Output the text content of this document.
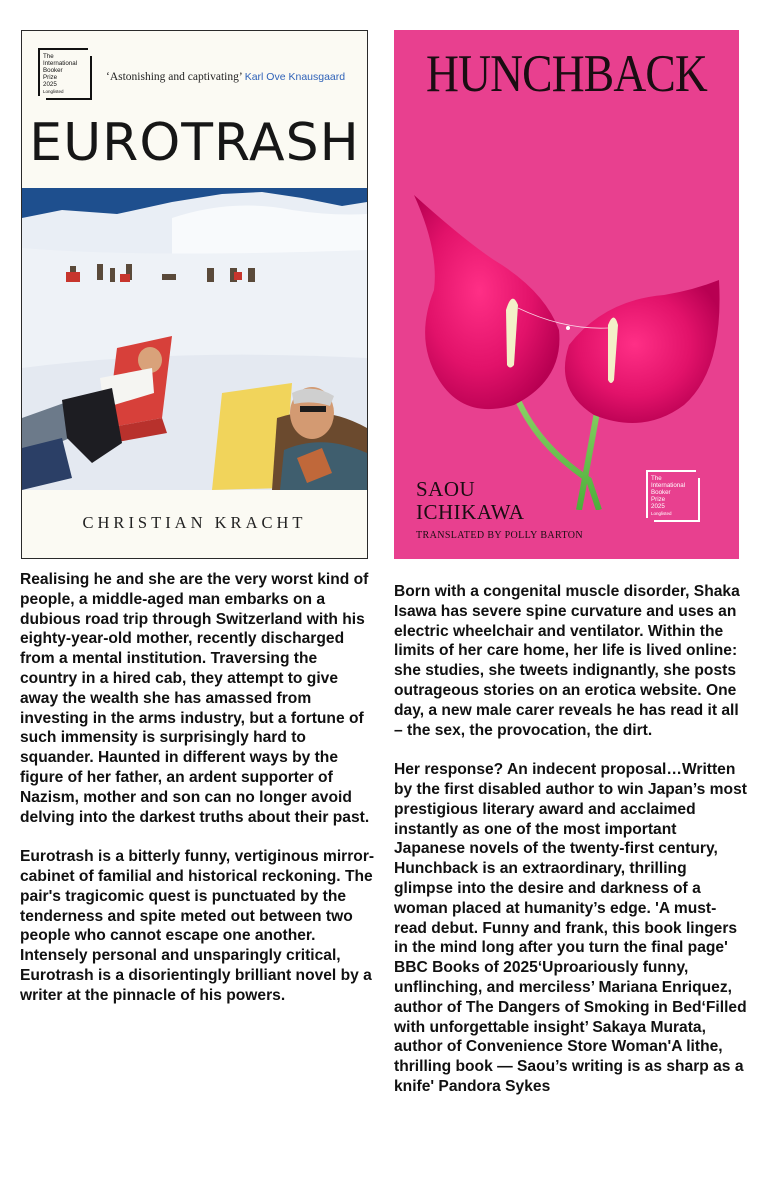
The
International
Booker
Prize
2025
Longlisted
‘Astonishing and captivating’ Karl Ove Knausgaard
EUROTRASH
CHRISTIAN KRACHT
HUNCHBACK
SAOU
ICHIKAWA
TRANSLATED BY POLLY BARTON
The
International
Booker
Prize
2025
Longlisted

Realising he and she are the very worst kind of people, a middle-aged man embarks on a dubious road trip through Switzerland with his eighty-year-old mother, recently discharged from a mental institution. Traversing the country in a hired cab, they attempt to give away the wealth she has amassed from investing in the arms industry, but a fortune of such immensity is surprisingly hard to squander. Haunted in different ways by the figure of her father, an ardent supporter of Nazism, mother and son can no longer avoid delving into the darkest truths about their past.

Eurotrash is a bitterly funny, vertiginous mirror-cabinet of familial and historical reckoning. The pair's tragicomic quest is punctuated by the tenderness and spite meted out between two people who cannot escape one another. Intensely personal and unsparingly critical, Eurotrash is a disorientingly brilliant novel by a writer at the pinnacle of his powers.

Born with a congenital muscle disorder, Shaka Isawa has severe spine curvature and uses an electric wheelchair and ventilator. Within the limits of her care home, her life is lived online: she studies, she tweets indignantly, she posts outrageous stories on an erotica website. One day, a new male carer reveals he has read it all – the sex, the provocation, the dirt.

Her response? An indecent proposal…Written by the first disabled author to win Japan’s most prestigious literary award and acclaimed instantly as one of the most important Japanese novels of the twenty-first century, Hunchback is an extraordinary, thrilling glimpse into the desire and darkness of a woman placed at humanity’s edge. 'A must-read debut. Funny and frank, this book lingers in the mind long after you turn the final page' BBC Books of 2025‘Uproariously funny, unflinching, and merciless’ Mariana Enriquez, author of The Dangers of Smoking in Bed‘Filled with unforgettable insight’ Sakaya Murata, author of Convenience Store Woman'A lithe, thrilling book — Saou’s writing is as sharp as a knife' Pandora Sykes
